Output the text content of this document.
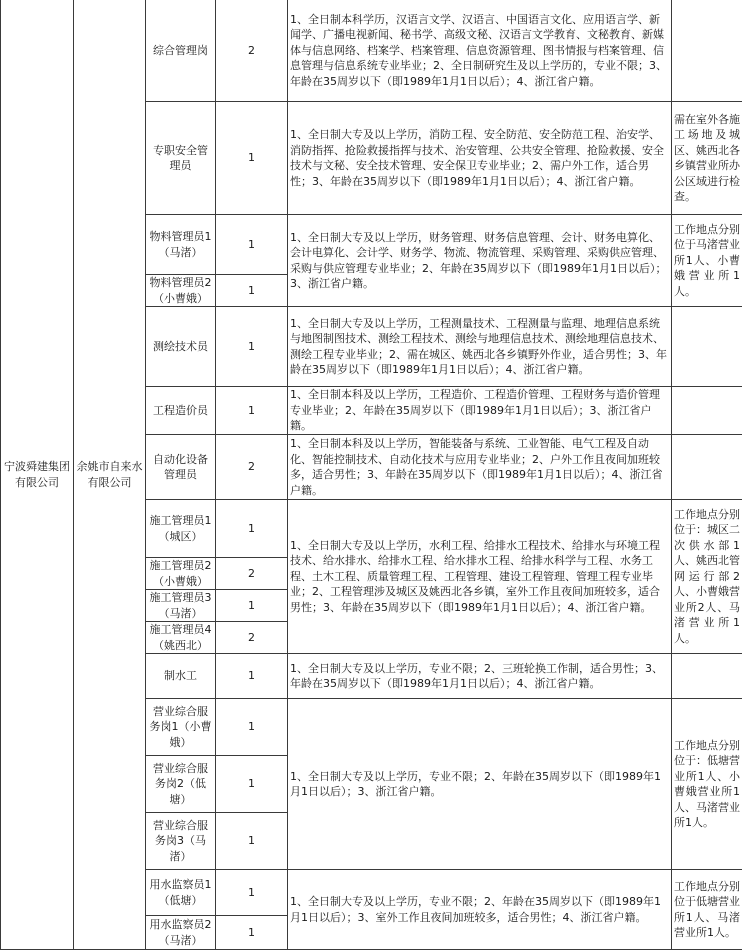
宁波舜建集团有限公司	余姚市自来水有限公司	综合管理岗	2	1、全日制本科学历，汉语言文学、汉语言、中国语言文化、应用语言学、新闻学、广播电视新闻、秘书学、高级文秘、汉语言文学教育、文秘教育、新媒体与信息网络、档案学、档案管理、信息资源管理、图书情报与档案管理、信息管理与信息系统专业毕业；2、全日制研究生及以上学历的，专业不限；3、年龄在35周岁以下（即1989年1月1日以后）；4、浙江省户籍。	
		专职安全管理员	1	1、全日制大专及以上学历，消防工程、安全防范、安全防范工程、治安学、消防指挥、抢险救援指挥与技术、治安管理、公共安全管理、抢险救援、安全技术与文秘、安全技术管理、安全保卫专业毕业；2、需户外工作，适合男性；3、年龄在35周岁以下（即1989年1月1日以后）；4、浙江省户籍。	需在室外各施工场地及城区、姚西北各乡镇营业所办公区域进行检查。
		物料管理员1（马渚）	1	1、全日制大专及以上学历，财务管理、财务信息管理、会计、财务电算化、会计电算化、会计学、财务学、物流、物流管理、采购管理、采购供应管理、采购与供应管理专业毕业；2、年龄在35周岁以下（即1989年1月1日以后）；3、浙江省户籍。	工作地点分别位于马渚营业所1人、小曹娥营业所1人。
		物料管理员2（小曹娥）	1		
		测绘技术员	1	1、全日制大专及以上学历，工程测量技术、工程测量与监理、地理信息系统与地图制图技术、测绘工程技术、测绘与地理信息技术、测绘地理信息技术、测绘工程专业毕业；2、需在城区、姚西北各乡镇野外作业，适合男性；3、年龄在35周岁以下（即1989年1月1日以后）；4、浙江省户籍。	
		工程造价员	1	1、全日制本科及以上学历，工程造价、工程造价管理、工程财务与造价管理专业毕业；2、年龄在35周岁以下（即1989年1月1日以后）；3、浙江省户籍。	
		自动化设备管理员	2	1、全日制本科及以上学历，智能装备与系统、工业智能、电气工程及自动化、智能控制技术、自动化技术与应用专业毕业；2、户外工作且夜间加班较多，适合男性；3、年龄在35周岁以下（即1989年1月1日以后）；4、浙江省户籍。	
		施工管理员1（城区）	1	1、全日制大专及以上学历，水利工程、给排水工程技术、给排水与环境工程技术、给水排水、给排水工程、给水排水工程、给排水科学与工程、水务工程、土木工程、质量管理工程、工程管理、建设工程管理、管理工程专业毕业；2、工程管理涉及城区及姚西北各乡镇，室外工作且夜间加班较多，适合男性；3、年龄在35周岁以下（即1989年1月1日以后）；4、浙江省户籍。	工作地点分别位于：城区二次供水部1人、姚西北管网运行部2人、小曹娥营业所2人、马渚营业所1人。
		施工管理员2（小曹娥）	2		
		施工管理员3（马渚）	1		
		施工管理员4（姚西北）	2		
		制水工	1	1、全日制大专及以上学历，专业不限；2、三班轮换工作制，适合男性；3、年龄在35周岁以下（即1989年1月1日以后）；4、浙江省户籍。	
		营业综合服务岗1（小曹娥）	1	1、全日制大专及以上学历，专业不限；2、年龄在35周岁以下（即1989年1月1日以后）；3、浙江省户籍。	工作地点分别位于：低塘营业所1人、小曹娥营业所1人、马渚营业所1人。
		营业综合服务岗2（低塘）	1		
		营业综合服务岗3（马渚）	1		
		用水监察员1（低塘）	1	1、全日制大专及以上学历，专业不限；2、年龄在35周岁以下（即1989年1月1日以后）；3、室外工作且夜间加班较多，适合男性；4、浙江省户籍。	工作地点分别位于低塘营业所1人、马渚营业所1人。
		用水监察员2（马渚）	1		
